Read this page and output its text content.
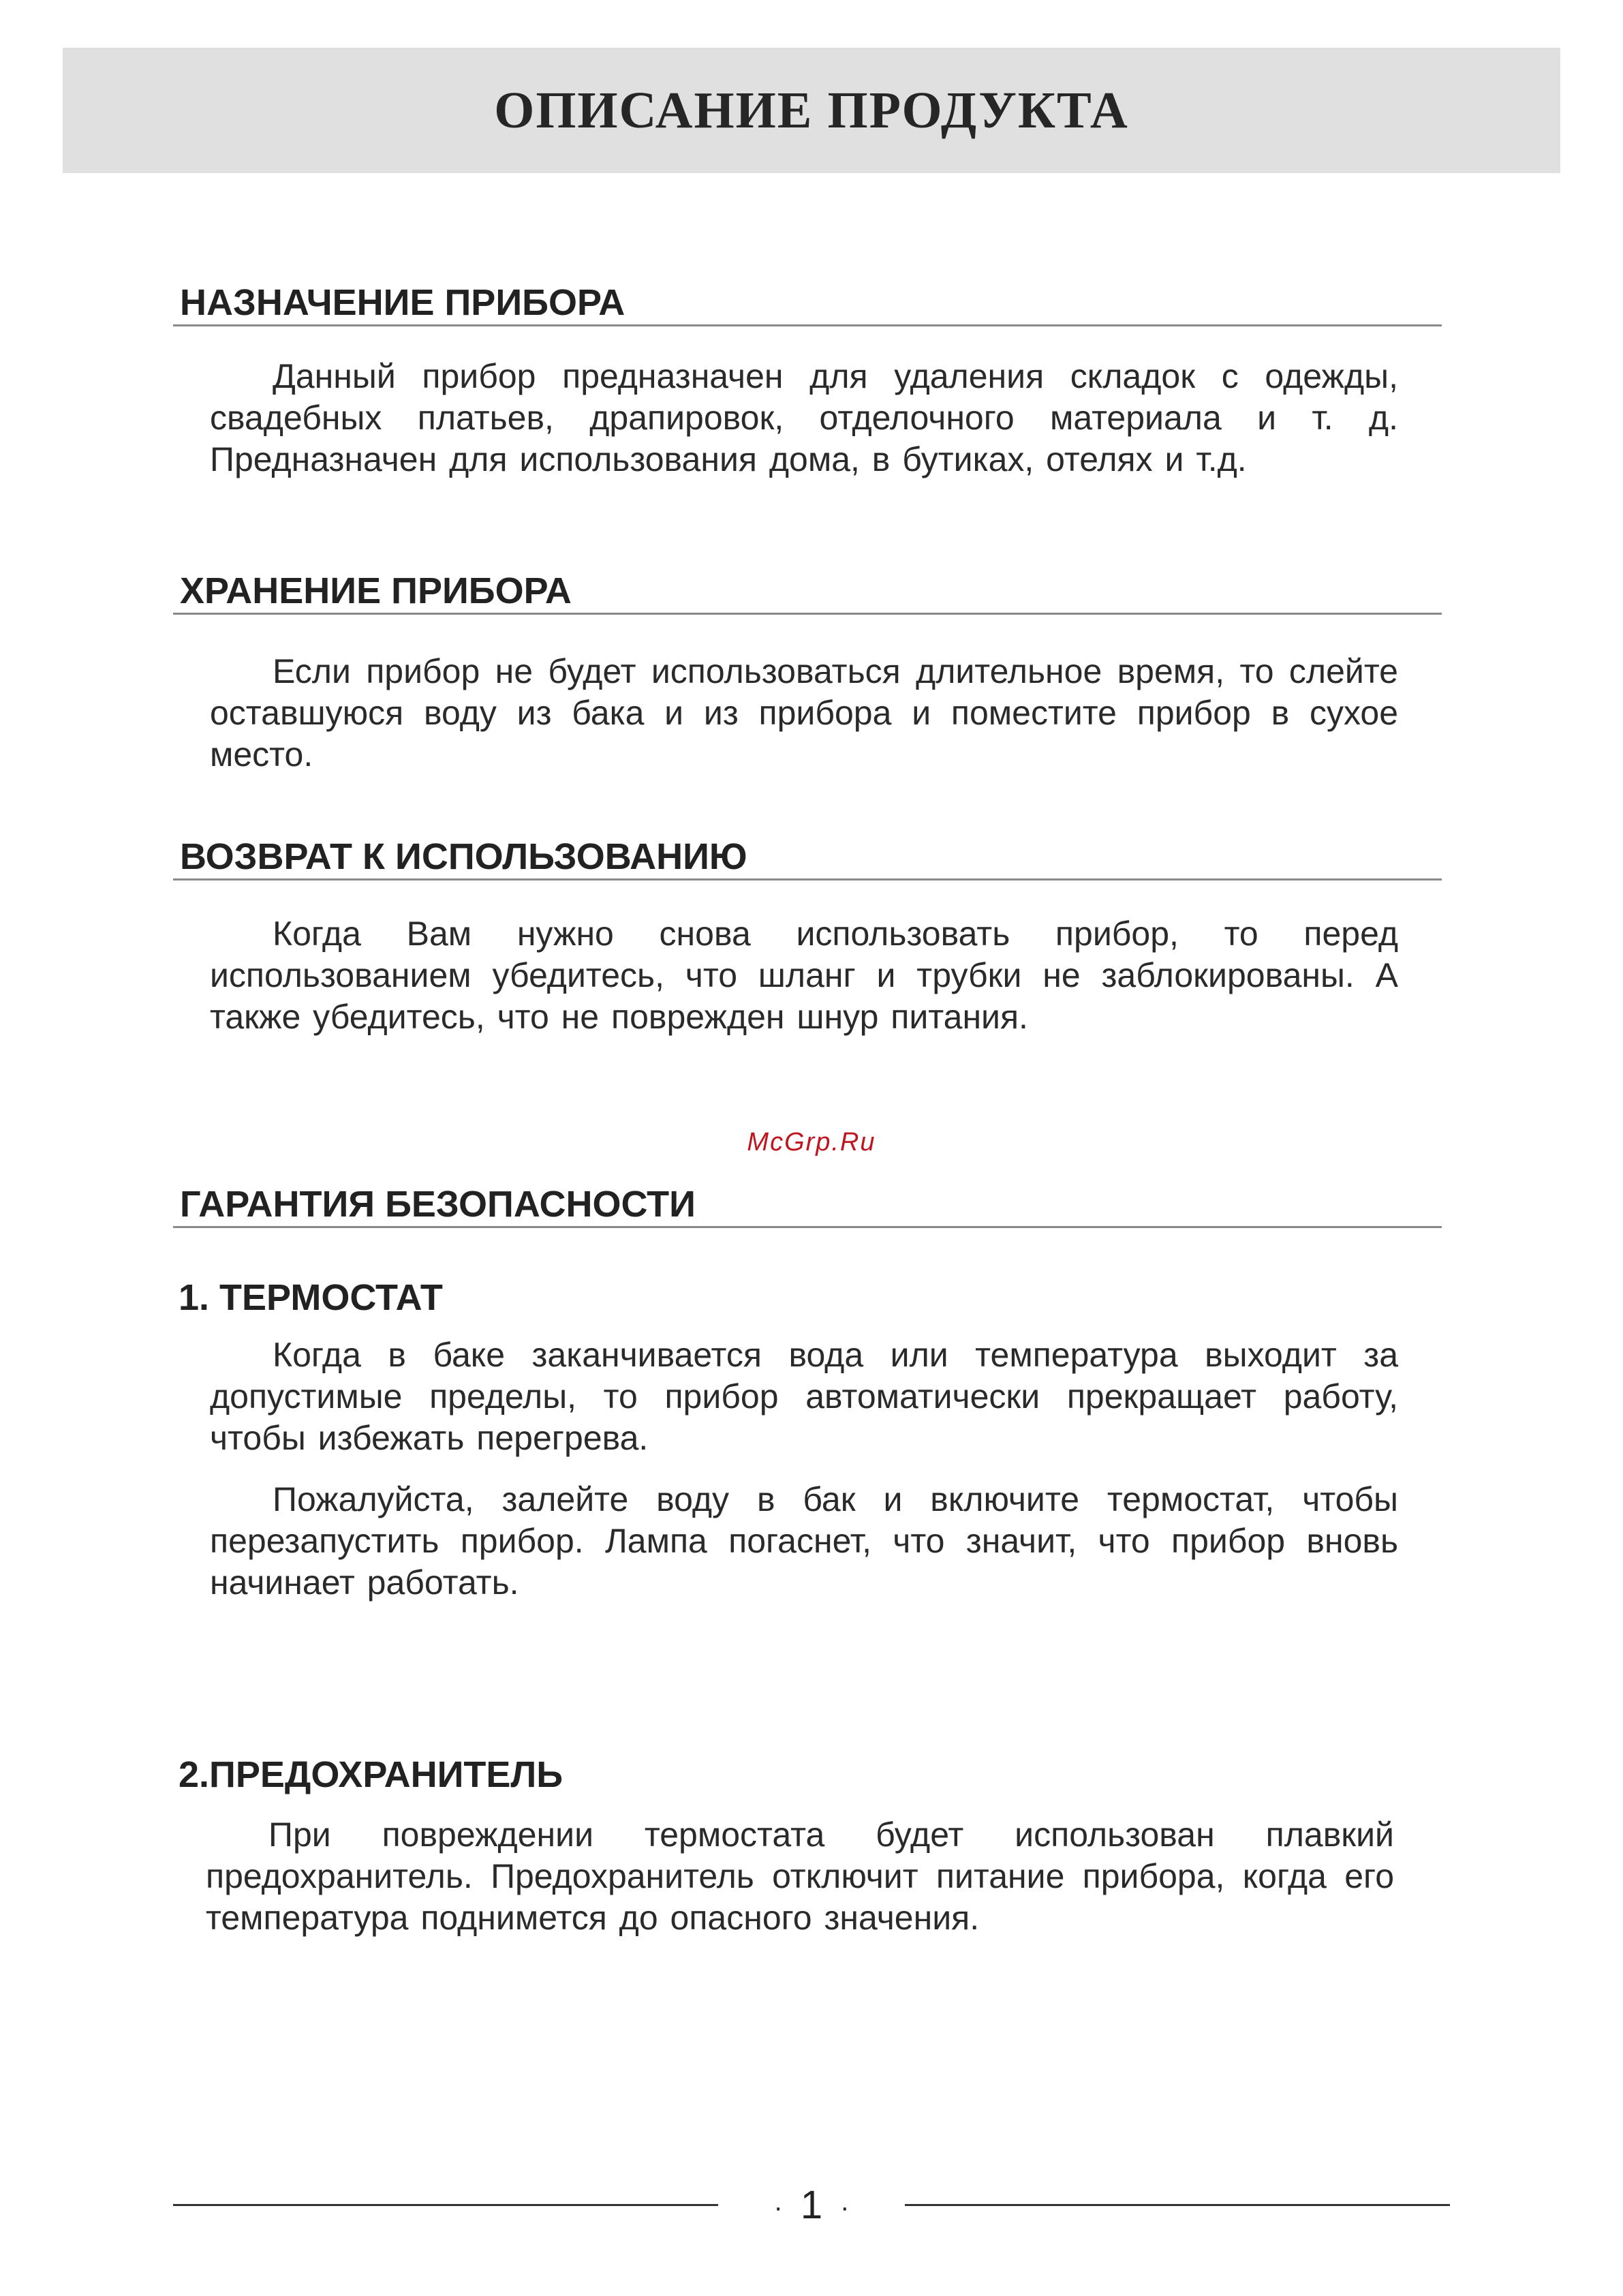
ОПИСАНИЕ ПРОДУКТА
НАЗНАЧЕНИЕ ПРИБОРА

Данный прибор предназначен для удаления складок с одежды, свадебных платьев, драпировок, отделочного материала и т. д. Предназначен для использования дома, в бутиках, отелях и т.д.

ХРАНЕНИЕ ПРИБОРА

Если прибор не будет использоваться длительное время, то слейте оставшуюся воду из бака и из прибора и поместите прибор в сухое место.

ВОЗВРАТ К ИСПОЛЬЗОВАНИЮ

Когда Вам нужно снова использовать прибор, то перед использованием убедитесь, что шланг и трубки не заблокированы. А также убедитесь, что не поврежден шнур питания.

McGrp.Ru
ГАРАНТИЯ БЕЗОПАСНОСТИ
1. ТЕРМОСТАТ

Когда в баке заканчивается вода или температура выходит за допустимые пределы, то прибор автоматически прекращает работу, чтобы избежать перегрева.

Пожалуйста, залейте воду в бак и включите термостат, чтобы перезапустить прибор. Лампа погаснет, что значит, что прибор вновь начинает работать.

2.ПРЕДОХРАНИТЕЛЬ

При повреждении термостата будет использован плавкий предохранитель. Предохранитель отключит питание прибора, когда его температура поднимется до опасного значения.

· 1 ·
